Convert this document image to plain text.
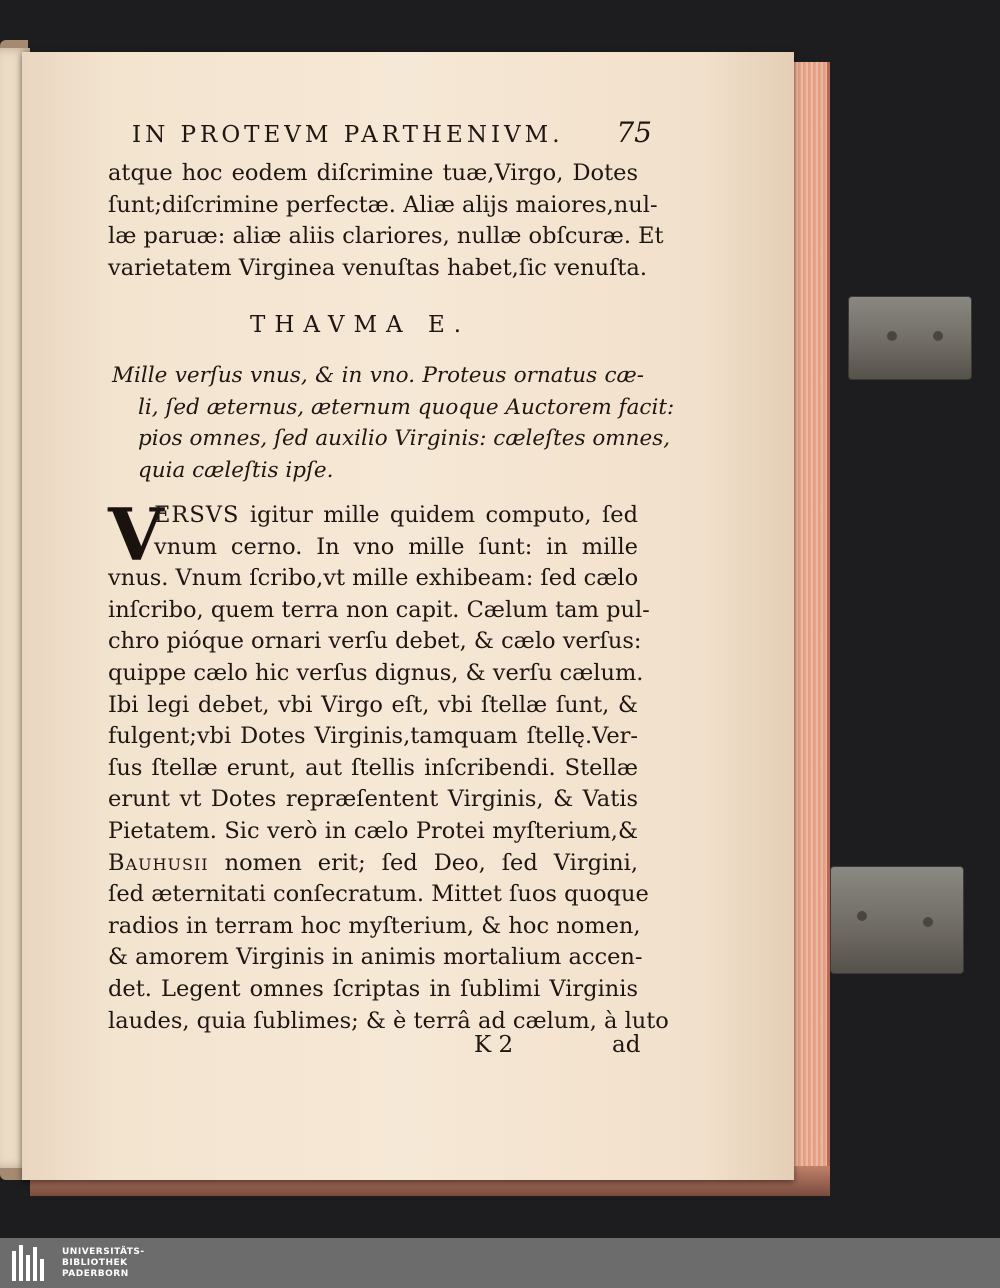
IN PROTEVM PARTHENIVM. 75
atque hoc eodem diſcrimine tuæ,Virgo, Dotes
ſunt;diſcrimine perfectæ. Aliæ alijs maiores,nul-
læ paruæ: aliæ aliis clariores, nullæ obſcuræ. Et
varietatem Virginea venuſtas habet,ſic venuſta.
THAVMA E.
Mille verſus vnus, & in vno. Proteus ornatus cæ-
li, ſed æternus, æternum quoque Auctorem facit:
pios omnes, ſed auxilio Virginis: cæleſtes omnes,
quia cæleſtis ipſe.
V
ERSVS igitur mille quidem computo, ſed
vnum cerno. In vno mille ſunt: in mille
vnus. Vnum ſcribo,vt mille exhibeam: ſed cælo
inſcribo, quem terra non capit. Cælum tam pul-
chro pióque ornari verſu debet, & cælo verſus:
quippe cælo hic verſus dignus, & verſu cælum.
Ibi legi debet, vbi Virgo eſt, vbi ſtellæ ſunt, &
fulgent;vbi Dotes Virginis,tamquam ſtellę.Ver-
ſus ſtellæ erunt, aut ſtellis inſcribendi. Stellæ
erunt vt Dotes repræſentent Virginis, & Vatis
Pietatem. Sic verò in cælo Protei myſterium,&
Bauhusii nomen erit; ſed Deo, ſed Virgini,
ſed æternitati conſecratum. Mittet ſuos quoque
radios in terram hoc myſterium, & hoc nomen,
& amorem Virginis in animis mortalium accen-
det. Legent omnes ſcriptas in ſublimi Virginis
laudes, quia ſublimes; & è terrâ ad cælum, à luto
K 2	ad
UNIVERSITÄTS-
BIBLIOTHEK
PADERBORN
